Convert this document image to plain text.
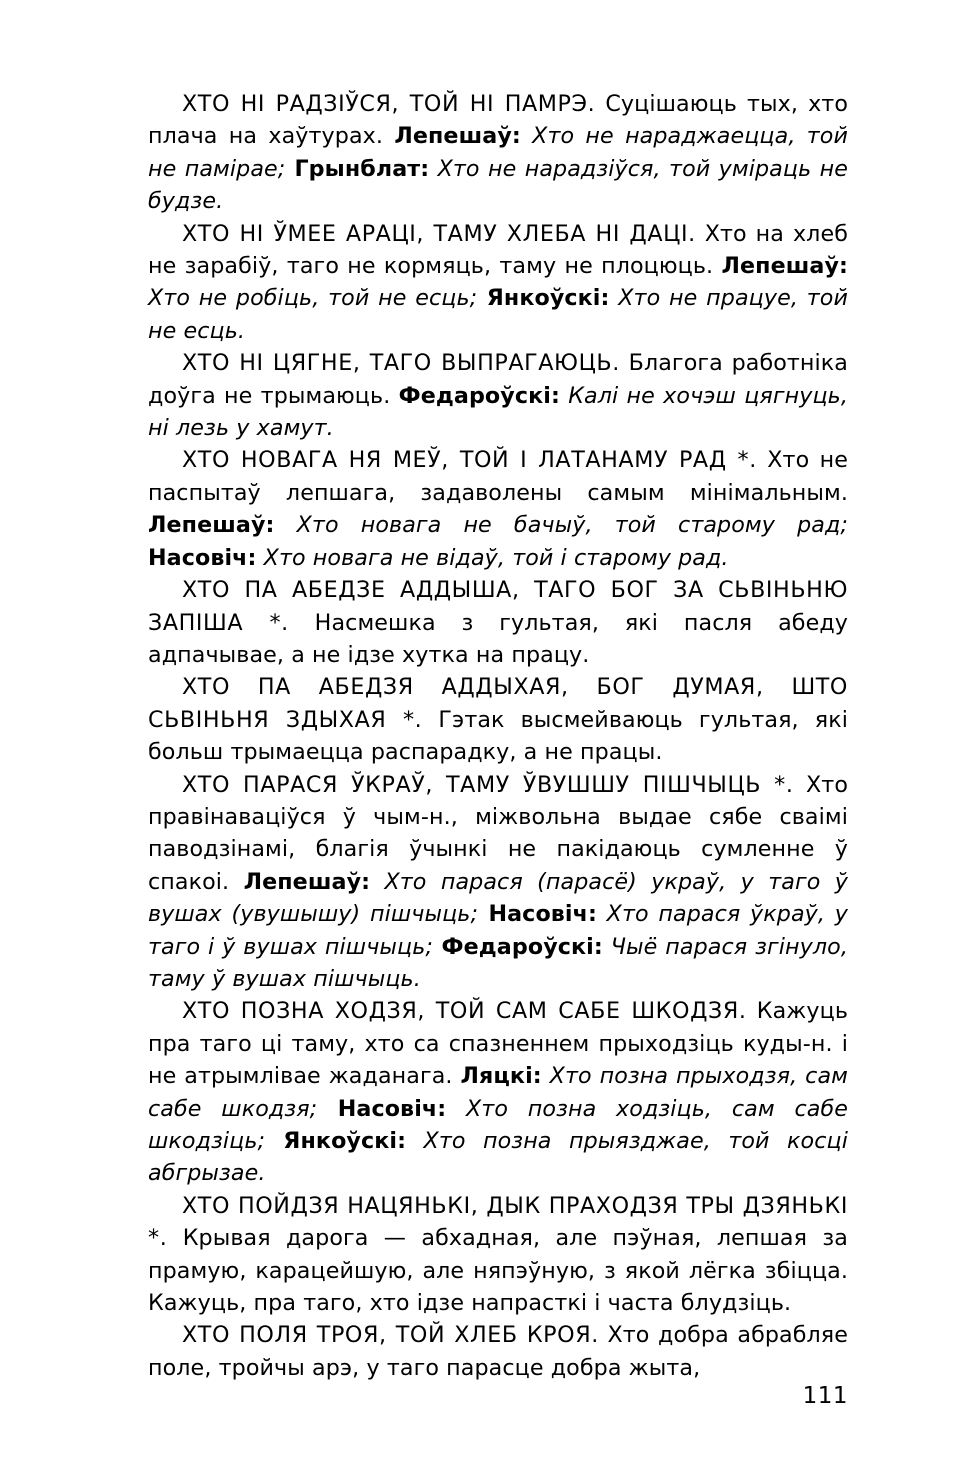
ХТО НІ РАДЗІЎСЯ, ТОЙ НІ ПАМРЭ. Суцішаюць тых, хто плача на хаўтурах. Лепешаў: Хто не нараджаецца, той не памірае; Грынблат: Хто не нарадзіўся, той уміраць не будзе.

ХТО НІ ЎМЕЕ АРАЦІ, ТАМУ ХЛЕБА НІ ДАЦІ. Хто на хлеб не зарабіў, таго не кормяць, таму не плоцюць. Лепешаў: Хто не робіць, той не есць; Янкоўскі: Хто не працуе, той не есць.

ХТО НІ ЦЯГНЕ, ТАГО ВЫПРАГАЮЦЬ. Благога работніка доўга не трымаюць. Федароўскі: Калі не хочэш цягнуць, ні лезь у хамут.

ХТО НОВАГА НЯ МЕЎ, ТОЙ І ЛАТАНАМУ РАД *. Хто не паспытаў лепшага, задаволены самым мінімальным. Лепешаў: Хто новага не бачыў, той старому рад; Насовіч: Хто новага не відаў, той і старому рад.

ХТО ПА АБЕДЗЕ АДДЫША, ТАГО БОГ ЗА СЬВІНЬНЮ ЗАПІША *. Насмешка з гультая, які пасля абеду адпачывае, а не ідзе хутка на працу.

ХТО ПА АБЕДЗЯ АДДЫХАЯ, БОГ ДУМАЯ, ШТО СЬВІНЬНЯ ЗДЫХАЯ *. Гэтак высмейваюць гультая, які больш трымаецца распарадку, а не працы.

ХТО ПАРАСЯ ЎКРАЎ, ТАМУ ЎВУШШУ ПІШЧЫЦЬ *. Хто правінаваціўся ў чым-н., міжвольна выдае сябе сваімі паводзінамі, благія ўчынкі не пакідаюць сумленне ў спакоі. Лепешаў: Хто парася (парасё) украў, у таго ў вушах (увушышу) пішчыць; Насовіч: Хто парася ўкраў, у таго і ў вушах пішчыць; Федароўскі: Чыё парася згінуло, таму ў вушах пішчыць.

ХТО ПОЗНА ХОДЗЯ, ТОЙ САМ САБЕ ШКОДЗЯ. Кажуць пра таго ці таму, хто са спазненнем прыходзіць куды-н. і не атрымлівае жаданага. Ляцкі: Хто позна прыходзя, сам сабе шкодзя; Насовіч: Хто позна ходзіць, сам сабе шкодзіць; Янкоўскі: Хто позна прыязджае, той косці абгрызае.

ХТО ПОЙДЗЯ НАЦЯНЬКІ, ДЫК ПРАХОДЗЯ ТРЫ ДЗЯНЬКІ *. Крывая дарога — абхадная, але пэўная, лепшая за прамую, карацейшую, але няпэўную, з якой лёгка збіцца. Кажуць, пра таго, хто ідзе напрасткі і часта блудзіць.

ХТО ПОЛЯ ТРОЯ, ТОЙ ХЛЕБ КРОЯ. Хто добра абрабляе поле, тройчы арэ, у таго парасце добра жыта,

111
